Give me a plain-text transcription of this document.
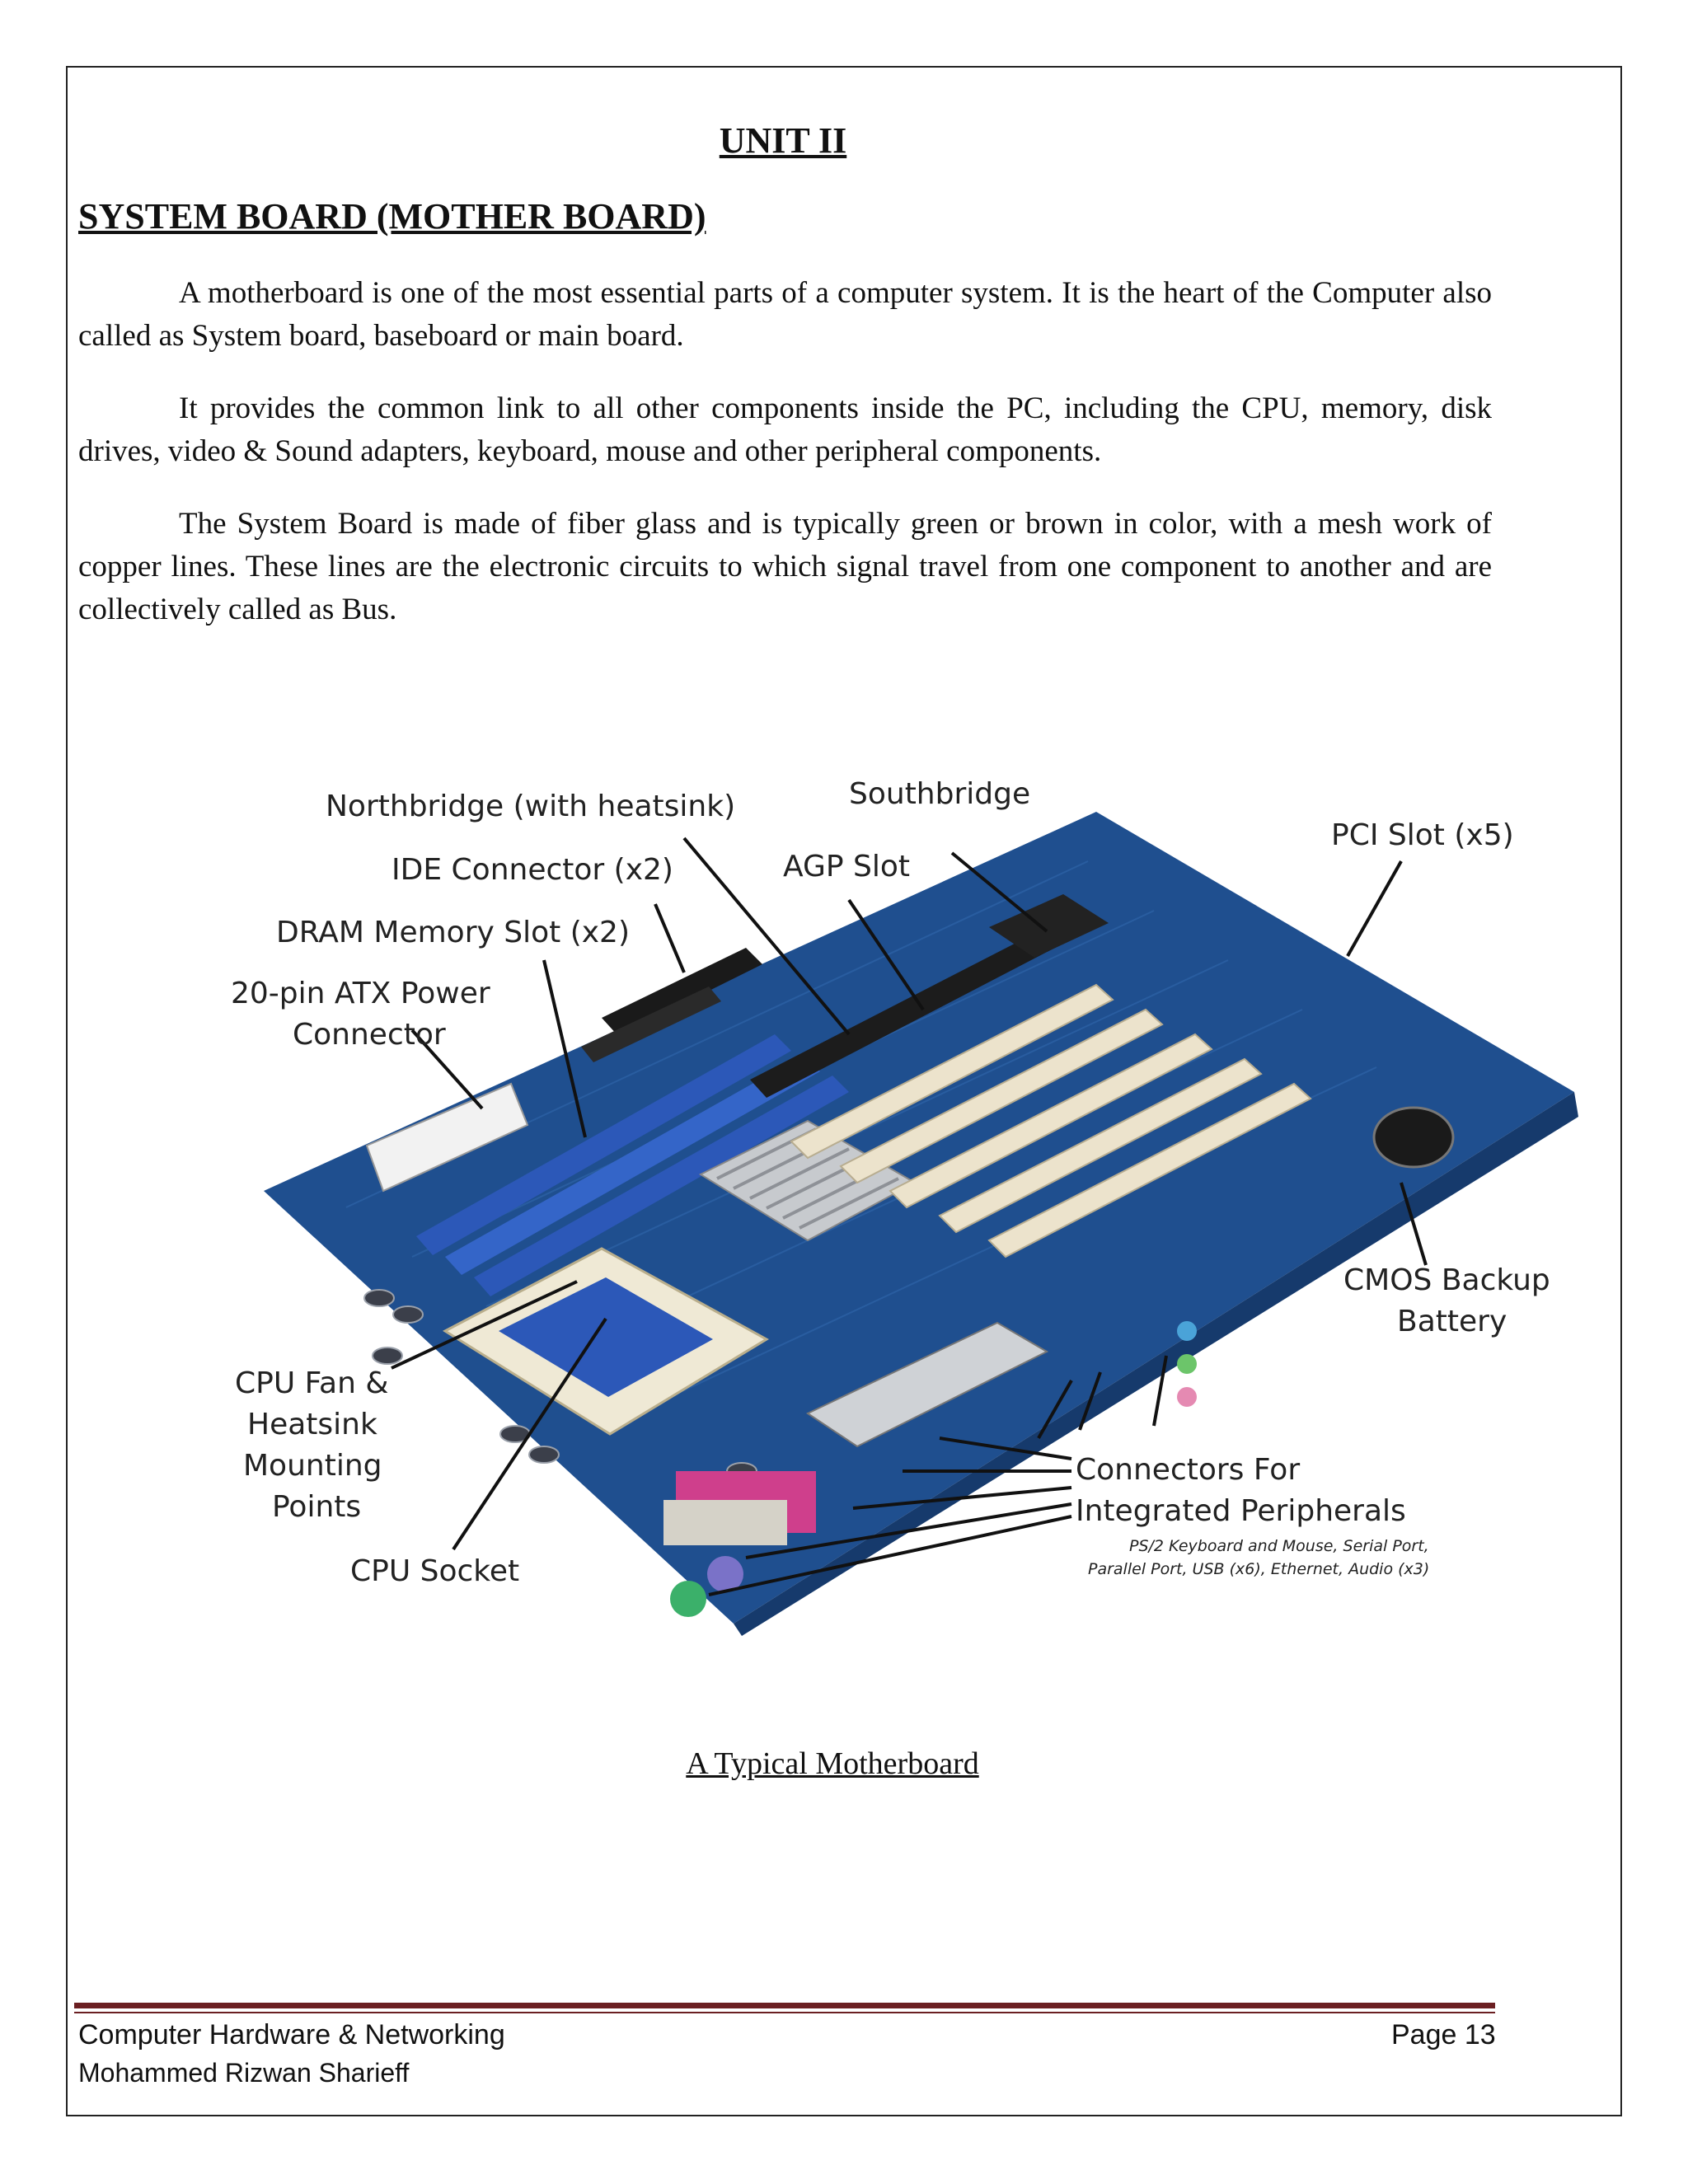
UNIT II
SYSTEM BOARD (MOTHER BOARD)

A motherboard is one of the most essential parts of a computer system. It is the heart of the Computer also called as System board, baseboard or main board.

It provides the common link to all other components inside the PC, including the CPU, memory, disk drives, video & Sound adapters, keyboard, mouse and other peripheral components.

The System Board is made of fiber glass and is typically green or brown in color, with a mesh work of copper lines. These lines are the electronic circuits to which signal travel from one component to another and are collectively called as Bus.

Northbridge (with heatsink)	Southbridge
PCI Slot (x5)
IDE Connector (x2)	AGP Slot
DRAM Memory Slot (x2)
20-pin ATX Power
Connector
CMOS Backup
Battery
CPU Fan &
Heatsink
Mounting
Points
CPU Socket
Connectors For
Integrated Peripherals
PS/2 Keyboard and Mouse, Serial Port,
Parallel Port, USB (x6), Ethernet, Audio (x3)
A Typical Motherboard
Computer Hardware & Networking
Mohammed Rizwan Sharieff
Page 13
